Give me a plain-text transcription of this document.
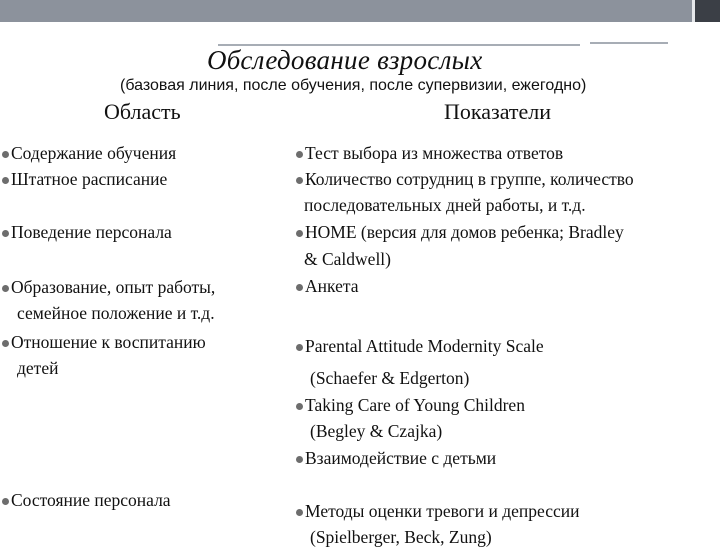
Обследование взрослых
(базовая линия, после обучения, после супервизии, ежегодно)
Область	Показатели
Содержание обучения
Штатное расписание
Поведение персонала
Образование, опыт работы,
семейное положение и т.д.
Отношение к воспитанию
детей
Состояние персонала
Тест выбора из множества ответов
Количество сотрудниц в группе, количество
последовательных дней работы, и т.д.
HOME (версия для домов ребенка; Bradley
& Caldwell)
Анкета
Parental Attitude Modernity Scale
(Schaefer & Edgerton)
Taking Care of Young Children
(Begley & Czajka)
Взаимодействие с детьми
Методы оценки тревоги и депрессии
(Spielberger, Beck, Zung)
